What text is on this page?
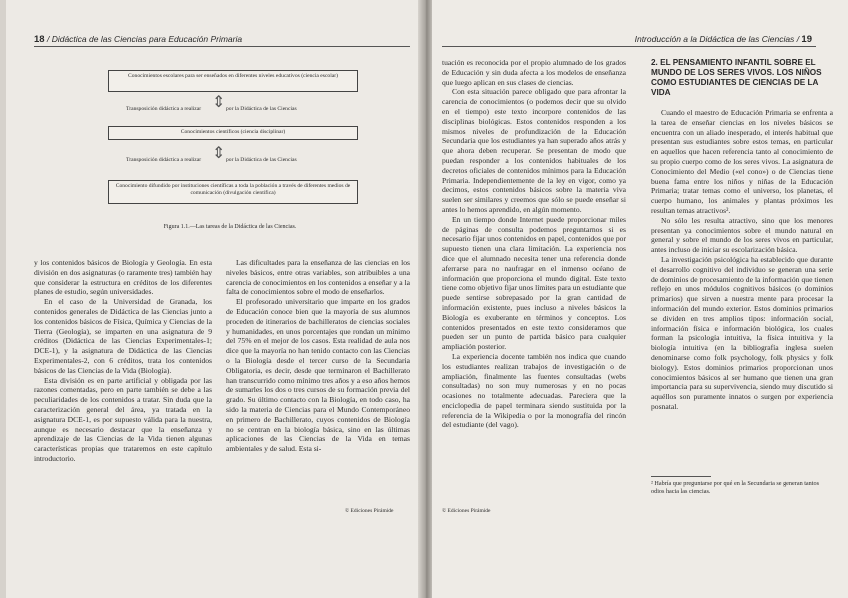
18 / Didáctica de las Ciencias para Educación Primaria
Conocimientos escolares para ser enseñados en diferentes niveles educativos (ciencia escolar)
⇕
Transposición didáctica a realizar	por la Didáctica de las Ciencias
Conocimientos científicos (ciencia disciplinar)
⇕
Transposición didáctica a realizar	por la Didáctica de las Ciencias
Conocimiento difundido por instituciones científicas a toda la población a través de diferentes medios de comunicación (divulgación científica)
Figura 1.1.—Las tareas de la Didáctica de las Ciencias.

y los contenidos básicos de Biología y Geología. En esta división en dos asignaturas (o raramente tres) también hay que considerar la estructura en créditos de los diferentes planes de estudio, según universidades.

En el caso de la Universidad de Granada, los contenidos generales de Didáctica de las Ciencias junto a los contenidos básicos de Física, Química y Ciencias de la Tierra (Geología), se imparten en una asignatura de 9 créditos (Didáctica de las Ciencias Experimentales-1; DCE-1), y la asignatura de Didáctica de las Ciencias Experimentales-2, con 6 créditos, trata los contenidos básicos de las Ciencias de la Vida (Biología).

Esta división es en parte artificial y obligada por las razones comentadas, pero en parte también se debe a las peculiaridades de los contenidos a tratar. Sin duda que la caracterización general del área, ya tratada en la asignatura DCE-1, es por supuesto válida para la nuestra, aunque es necesario destacar que la enseñanza y aprendizaje de las Ciencias de la Vida tienen algunas características propias que trataremos en este capítulo introductorio.

Las dificultades para la enseñanza de las ciencias en los niveles básicos, entre otras variables, son atribuibles a una carencia de conocimientos en los contenidos a enseñar y a la falta de conocimientos sobre el modo de enseñarlos.

El profesorado universitario que imparte en los grados de Educación conoce bien que la mayoría de sus alumnos proceden de itinerarios de bachilleratos de ciencias sociales y humanidades, en unos porcentajes que rondan un mínimo del 75% en el mejor de los casos. Esta realidad de aula nos dice que la mayoría no han tenido contacto con las Ciencias o la Biología desde el tercer curso de la Secundaria Obligatoria, es decir, desde que terminaron el Bachillerato han transcurrido como mínimo tres años y a eso años hemos de sumarles los dos o tres cursos de su formación previa del grado. Su último contacto con la Biología, en todo caso, ha sido la materia de Ciencias para el Mundo Contemporáneo en primero de Bachillerato, cuyos contenidos de Biología no se centran en la biología básica, sino en las últimas aplicaciones de las Ciencias de la Vida en temas ambientales y de salud. Esta si-

© Ediciones Pirámide
Introducción a la Didáctica de las Ciencias / 19

tuación es reconocida por el propio alumnado de los grados de Educación y sin duda afecta a los modelos de enseñanza que luego aplican en sus clases de ciencias.

Con esta situación parece obligado que para afrontar la carencia de conocimientos (o podemos decir que su olvido en el tiempo) este texto incorpore contenidos de las disciplinas biológicas. Estos contenidos responden a los mismos niveles de profundización de la Educación Secundaria que los estudiantes ya han superado años atrás y que ahora deben recuperar. Se presentan de modo que puedan responder a los contenidos habituales de los decretos oficiales de contenidos mínimos para la Educación Primaria. Independientemente de la ley en vigor, como ya decimos, estos contenidos básicos sobre la materia viva suelen ser similares y creemos que sólo se puede enseñar si antes lo hemos aprendido, en algún momento.

En un tiempo donde Internet puede proporcionar miles de páginas de consulta podemos preguntarnos si es necesario fijar unos contenidos en papel, contenidos que por supuesto tienen una clara limitación. La experiencia nos dice que el alumnado necesita tener una referencia donde aferrarse para no naufragar en el inmenso océano de información que proporciona el mundo digital. Este texto tiene como objetivo fijar unos límites para un estudiante que puede sentirse sobrepasado por la gran cantidad de información existente, pues incluso a niveles básicos la Biología es exuberante en términos y conceptos. Los contenidos presentados en este texto consideramos que pueden ser un punto de partida básico para cualquier ampliación posterior.

La experiencia docente también nos indica que cuando los estudiantes realizan trabajos de investigación o de ampliación, finalmente las fuentes consultadas (webs consultadas) no son muy numerosas y en no pocas ocasiones no totalmente adecuadas. Pareciera que la enciclopedia de papel terminara siendo sustituida por la referencia de la Wikipedia o por la monografía del rincón del estudiante (del vago).

© Ediciones Pirámide
2. EL PENSAMIENTO INFANTIL SOBRE EL MUNDO DE LOS SERES VIVOS. LOS NIÑOS COMO ESTUDIANTES DE CIENCIAS DE LA VIDA

Cuando el maestro de Educación Primaria se enfrenta a la tarea de enseñar ciencias en los niveles básicos se encuentra con un aliado inesperado, el interés habitual que presentan sus estudiantes sobre estos temas, en particular en aquellos que hacen referencia tanto al conocimiento de su propio cuerpo como de los seres vivos. La asignatura de Conocimiento del Medio («el cono») o de Ciencias tiene buena fama entre los niños y niñas de la Educación Primaria; tratar temas como el universo, los planetas, el cuerpo humano, los animales y plantas próximos les resultan temas atractivos².

No sólo les resulta atractivo, sino que los menores presentan ya conocimientos sobre el mundo natural en general y sobre el mundo de los seres vivos en particular, antes incluso de iniciar su escolarización básica.

La investigación psicológica ha establecido que durante el desarrollo cognitivo del individuo se generan una serie de dominios de procesamiento de la información que tienen reflejo en unos módulos cognitivos básicos (o dominios primarios) que sirven a nuestra mente para procesar la información del mundo exterior. Estos dominios primarios se dividen en tres amplios tipos: información social, información física e información biológica, los cuales forman la psicología intuitiva, la física intuitiva y la biología intuitiva (en la bibliografía inglesa suelen denominarse como folk psychology, folk physics y folk biology). Estos dominios primarios proporcionan unos conocimientos básicos al ser humano que tienen una gran importancia para su supervivencia, siendo muy discutido si aquéllos son puramente innatos o surgen por experiencia posnatal.

² Habría que preguntarse por qué en la Secundaria se generan tantos odios hacia las ciencias.
